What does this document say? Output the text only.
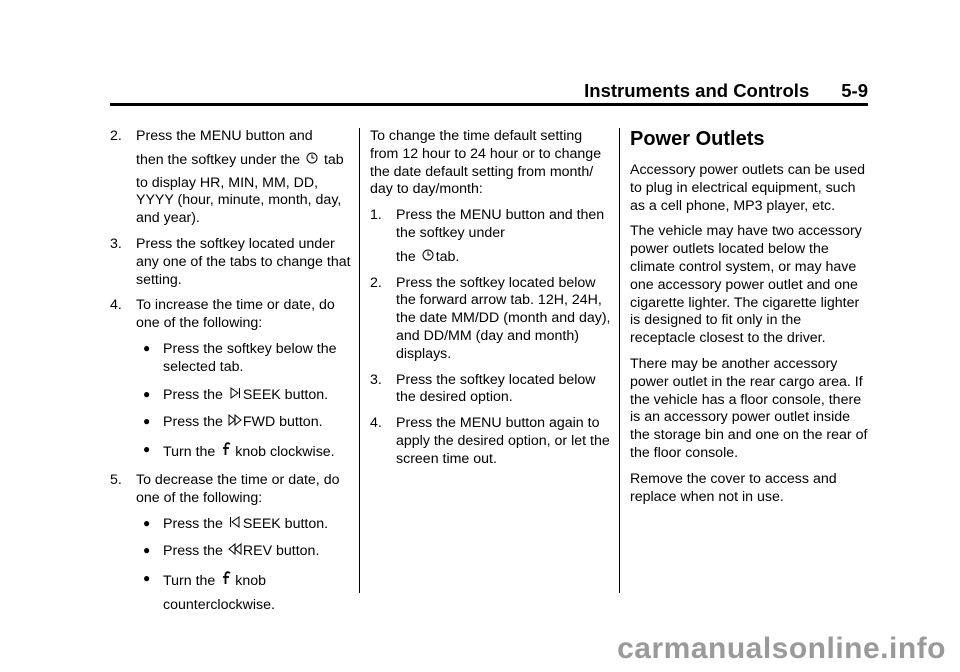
Instruments and Controls 5-9
2. Press the MENU button and

then the softkey under the tab

to display HR, MIN, MM, DD, YYYY (hour, minute, month, day, and year).

3. Press the softkey located under any one of the tabs to change that setting.

4. To increase the time or date, do one of the following:

● Press the softkey below the selected tab.
● Press the SEEK button.
● Press the FWD button.
● Turn the knob clockwise.
5. To decrease the time or date, do one of the following:

● Press the SEEK button.
● Press the REV button.
● Turn the knob
counterclockwise.

To change the time default setting from 12 hour to 24 hour or to change the date default setting from month/ day to day/month:

1. Press the MENU button and then the softkey under

the tab.

2. Press the softkey located below the forward arrow tab. 12H, 24H, the date MM/DD (month and day), and DD/MM (day and month) displays.

3. Press the softkey located below the desired option.

4. Press the MENU button again to apply the desired option, or let the screen time out.

Power Outlets

Accessory power outlets can be used to plug in electrical equipment, such as a cell phone, MP3 player, etc.

The vehicle may have two accessory power outlets located below the climate control system, or may have one accessory power outlet and one cigarette lighter. The cigarette lighter is designed to fit only in the receptacle closest to the driver.

There may be another accessory power outlet in the rear cargo area. If the vehicle has a floor console, there is an accessory power outlet inside the storage bin and one on the rear of the floor console.

Remove the cover to access and replace when not in use.

carmanualsonline.info
